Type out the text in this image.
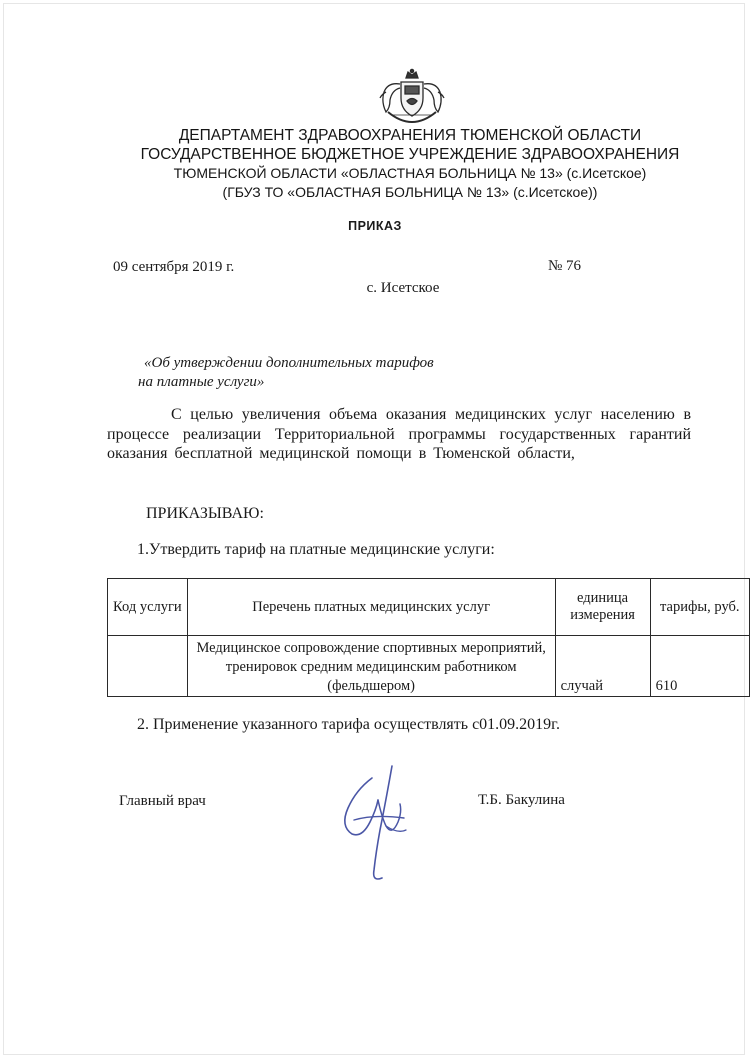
ДЕПАРТАМЕНТ ЗДРАВООХРАНЕНИЯ ТЮМЕНСКОЙ ОБЛАСТИ
ГОСУДАРСТВЕННОЕ БЮДЖЕТНОЕ УЧРЕЖДЕНИЕ ЗДРАВООХРАНЕНИЯ
ТЮМЕНСКОЙ ОБЛАСТИ «ОБЛАСТНАЯ БОЛЬНИЦА № 13» (с.Исетское)
(ГБУЗ ТО «ОБЛАСТНАЯ БОЛЬНИЦА № 13» (с.Исетское))
ПРИКАЗ
09 сентября 2019 г.	№ 76
с. Исетское
«Об утверждении дополнительных тарифов
на платные услуги»
С целью увеличения объема оказания медицинских услуг населению в процессе реализации Территориальной программы государственных гарантий оказания бесплатной медицинской помощи в Тюменской области,
ПРИКАЗЫВАЮ:
1.Утвердить тариф на платные медицинские услуги:
Код услуги	Перечень платных медицинских услуг	единица измерения	тарифы, руб.
	Медицинское сопровождение спортивных мероприятий, тренировок средним медицинским работником (фельдшером)	случай	610
2. Применение указанного тарифа осуществлять с01.09.2019г.
Главный врач	Т.Б. Бакулина
